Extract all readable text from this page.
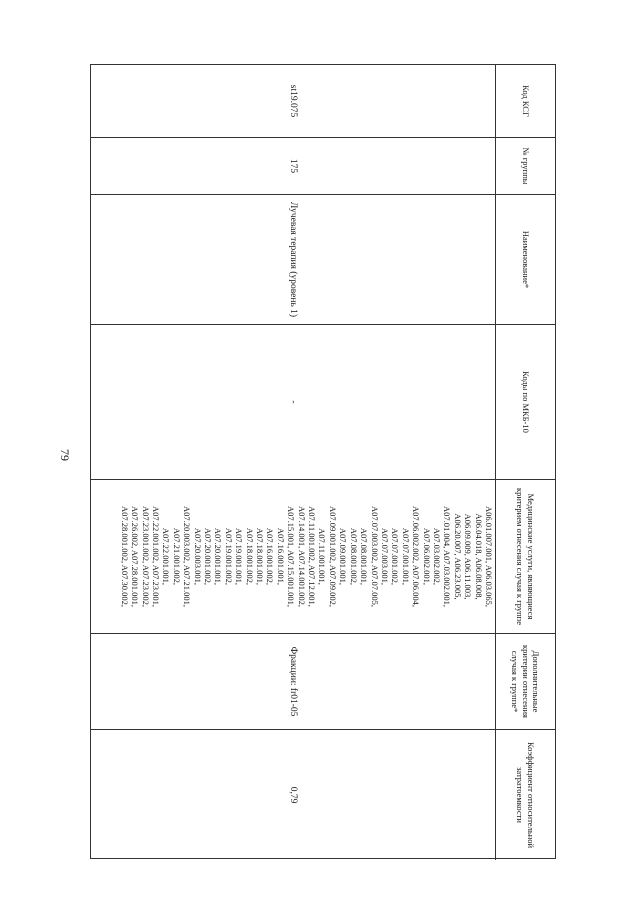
79
Код КСГ
№ группы
Наименование*
Коды по МКБ-10
Медицинские услуги, являющиеся критерием отнесения случая к группе
Дополнительные критерии отнесения случая к группе*
Коэффициент относительной затратоемкости
st19.075
175
Лучевая терапия (уровень 1)
-
A06.01.007.001, A06.03.065,
A06.04.018, A06.08.008,
A06.09.009, A06.11.003,
A06.20.007, A06.23.005,
A07.01.004, A07.03.002.001,
A07.03.002.002,
A07.06.002.001,
A07.06.002.002, A07.06.004,
A07.07.001.001,
A07.07.001.002,
A07.07.003.001,
A07.07.003.002, A07.07.005,
A07.08.001.001,
A07.08.001.002,
A07.09.001.001,
A07.09.001.002, A07.09.002,
A07.11.001.001,
A07.11.001.002, A07.12.001,
A07.14.001, A07.14.001.002,
A07.15.001, A07.15.001.001,
A07.16.001.001,
A07.16.001.002,
A07.18.001.001,
A07.18.001.002,
A07.19.001.001,
A07.19.001.002,
A07.20.001.001,
A07.20.001.002,
A07.20.003.001,
A07.20.003.002, A07.21.001,
A07.21.001.002,
A07.22.001.001,
A07.22.001.002, A07.23.001,
A07.23.001.002, A07.23.002,
A07.26.002, A07.28.001.001,
A07.28.001.002, A07.30.002,
Фракции: fr01-05
0,79
